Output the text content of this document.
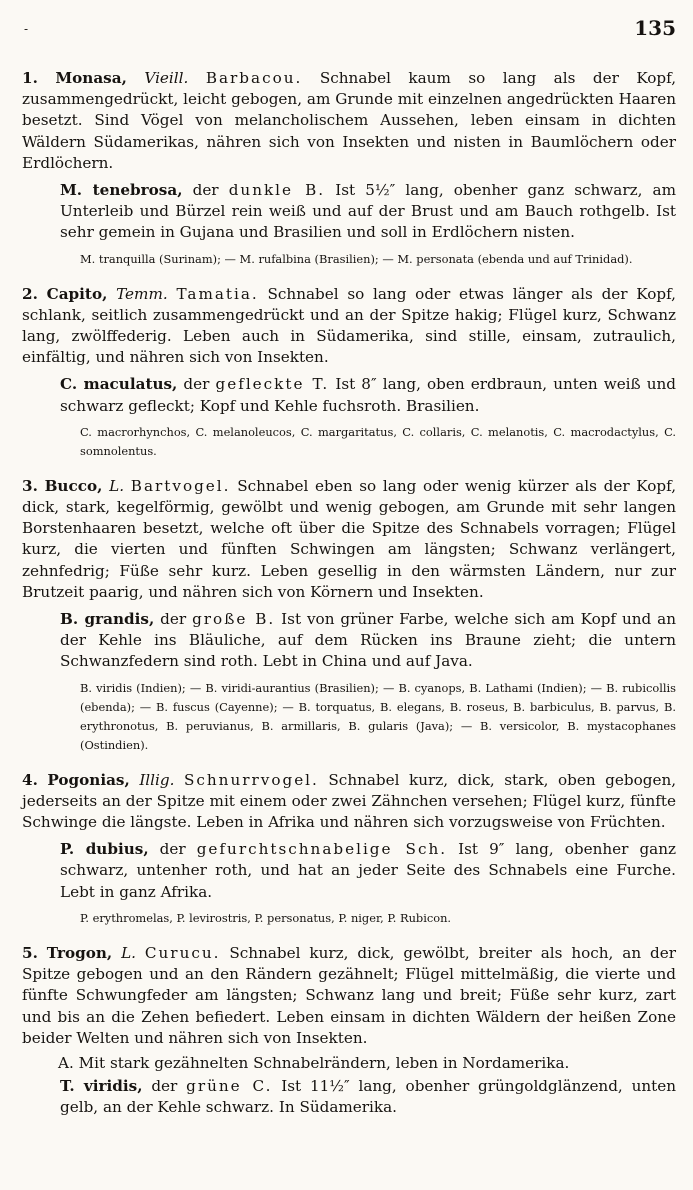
-	135

1. Monasa, Vieill. Barbacou. Schnabel kaum so lang als der Kopf, zusammengedrückt, leicht gebogen, am Grunde mit einzelnen angedrückten Haaren besetzt. Sind Vögel von melancholischem Aussehen, leben einsam in dichten Wäldern Südamerikas, nähren sich von Insekten und nisten in Baumlöchern oder Erdlöchern.

M. tenebrosa, der dunkle B. Ist 5½″ lang, obenher ganz schwarz, am Unterleib und Bürzel rein weiß und auf der Brust und am Bauch rothgelb. Ist sehr gemein in Gujana und Brasilien und soll in Erdlöchern nisten.

M. tranquilla (Surinam); — M. rufalbina (Brasilien); — M. personata (ebenda und auf Trinidad).

2. Capito, Temm. Tamatia. Schnabel so lang oder etwas länger als der Kopf, schlank, seitlich zusammengedrückt und an der Spitze hakig; Flügel kurz, Schwanz lang, zwölffederig. Leben auch in Südamerika, sind stille, einsam, zutraulich, einfältig, und nähren sich von Insekten.

C. maculatus, der gefleckte T. Ist 8″ lang, oben erdbraun, unten weiß und schwarz gefleckt; Kopf und Kehle fuchsroth. Brasilien.

C. macrorhynchos, C. melanoleucos, C. margaritatus, C. collaris, C. melanotis, C. macrodactylus, C. somnolentus.

3. Bucco, L. Bartvogel. Schnabel eben so lang oder wenig kürzer als der Kopf, dick, stark, kegelförmig, gewölbt und wenig gebogen, am Grunde mit sehr langen Borstenhaaren besetzt, welche oft über die Spitze des Schnabels vorragen; Flügel kurz, die vierten und fünften Schwingen am längsten; Schwanz verlängert, zehnfedrig; Füße sehr kurz. Leben gesellig in den wärmsten Ländern, nur zur Brutzeit paarig, und nähren sich von Körnern und Insekten.

B. grandis, der große B. Ist von grüner Farbe, welche sich am Kopf und an der Kehle ins Bläuliche, auf dem Rücken ins Braune zieht; die untern Schwanzfedern sind roth. Lebt in China und auf Java.

B. viridis (Indien); — B. viridi-aurantius (Brasilien); — B. cyanops, B. Lathami (Indien); — B. rubicollis (ebenda); — B. fuscus (Cayenne); — B. torquatus, B. elegans, B. roseus, B. barbiculus, B. parvus, B. erythronotus, B. peruvianus, B. armillaris, B. gularis (Java); — B. versicolor, B. mystacophanes (Ostindien).

4. Pogonias, Illig. Schnurrvogel. Schnabel kurz, dick, stark, oben gebogen, jederseits an der Spitze mit einem oder zwei Zähnchen versehen; Flügel kurz, fünfte Schwinge die längste. Leben in Afrika und nähren sich vorzugsweise von Früchten.

P. dubius, der gefurchtschnabelige Sch. Ist 9″ lang, obenher ganz schwarz, untenher roth, und hat an jeder Seite des Schnabels eine Furche. Lebt in ganz Afrika.

P. erythromelas, P. levirostris, P. personatus, P. niger, P. Rubicon.

5. Trogon, L. Curucu. Schnabel kurz, dick, gewölbt, breiter als hoch, an der Spitze gebogen und an den Rändern gezähnelt; Flügel mittelmäßig, die vierte und fünfte Schwungfeder am längsten; Schwanz lang und breit; Füße sehr kurz, zart und bis an die Zehen befiedert. Leben einsam in dichten Wäldern der heißen Zone beider Welten und nähren sich von Insekten.

A. Mit stark gezähnelten Schnabelrändern, leben in Nordamerika.

T. viridis, der grüne C. Ist 11½″ lang, obenher grüngoldglänzend, unten gelb, an der Kehle schwarz. In Südamerika.
